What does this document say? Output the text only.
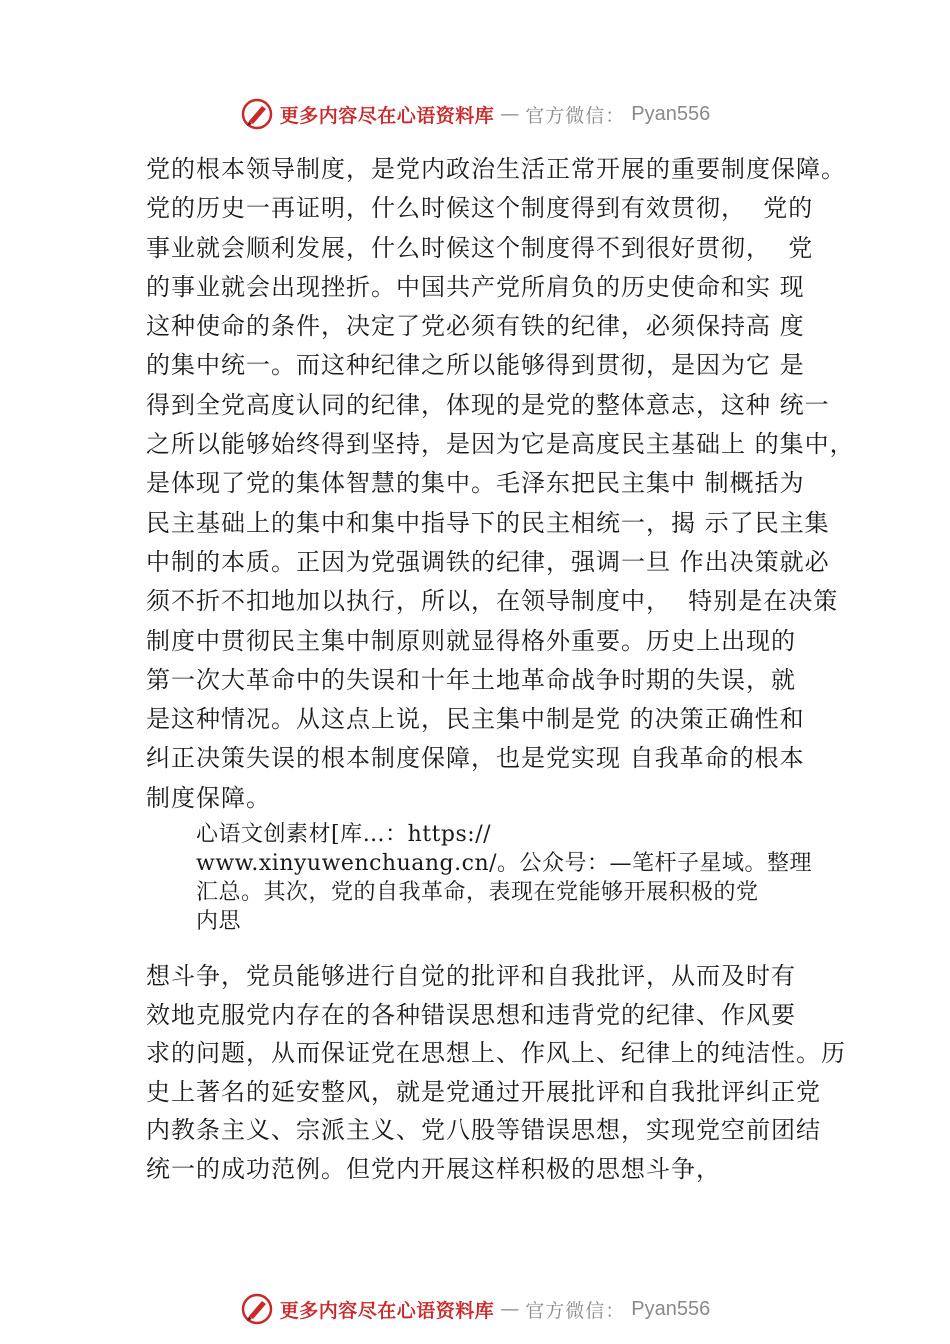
更多内容尽在心语资料库 — 官方微信： Pyan556
党的根本领导制度，是党内政治生活正常开展的重要制度保障。
党的历史一再证明，什么时候这个制度得到有效贯彻，  党的
事业就会顺利发展，什么时候这个制度得不到很好贯彻，  党
的事业就会出现挫折。中国共产党所肩负的历史使命和实 现
这种使命的条件，决定了党必须有铁的纪律，必须保持高 度
的集中统一。而这种纪律之所以能够得到贯彻，是因为它 是
得到全党高度认同的纪律，体现的是党的整体意志，这种 统一
之所以能够始终得到坚持，是因为它是高度民主基础上 的集中，
是体现了党的集体智慧的集中。毛泽东把民主集中 制概括为
民主基础上的集中和集中指导下的民主相统一，揭 示了民主集
中制的本质。正因为党强调铁的纪律，强调一旦 作出决策就必
须不折不扣地加以执行，所以，在领导制度中，  特别是在决策
制度中贯彻民主集中制原则就显得格外重要。历史上出现的
第一次大革命中的失误和十年土地革命战争时期的失误，就
是这种情况。从这点上说，民主集中制是党 的决策正确性和
纠正决策失误的根本制度保障，也是党实现 自我革命的根本
制度保障。
心语文创素材[库…：https://
www.xinyuwenchuang.cn/。公众号：—笔杆子星域。整理
汇总。其次，党的自我革命，表现在党能够开展积极的党
内思
想斗争，党员能够进行自觉的批评和自我批评，从而及时有
效地克服党内存在的各种错误思想和违背党的纪律、作风要
求的问题，从而保证党在思想上、作风上、纪律上的纯洁性。历
史上著名的延安整风，就是党通过开展批评和自我批评纠正党
内教条主义、宗派主义、党八股等错误思想，实现党空前团结
统一的成功范例。但党内开展这样积极的思想斗争，
更多内容尽在心语资料库 — 官方微信： Pyan556
